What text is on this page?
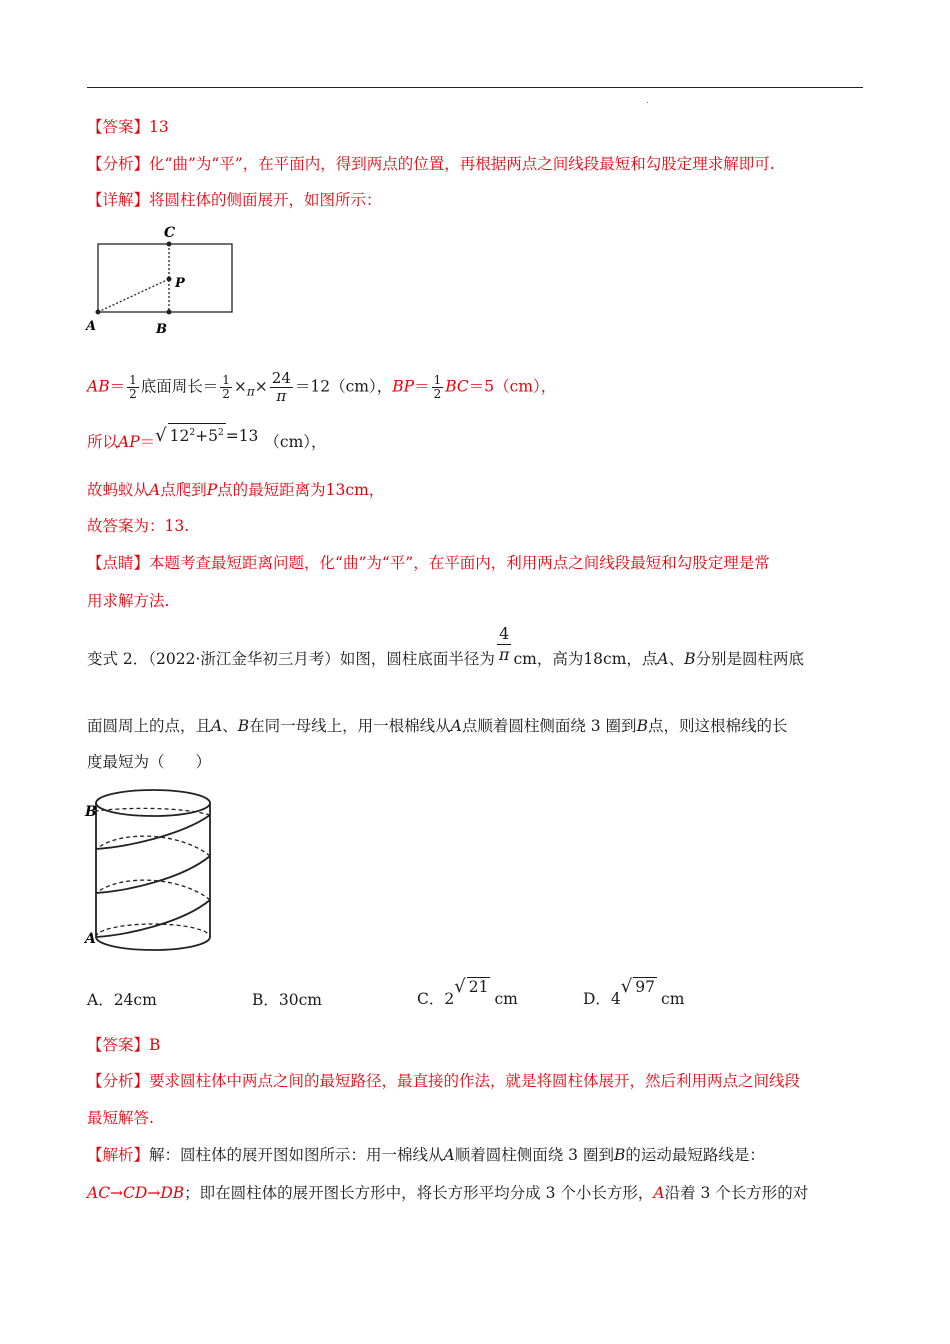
.
【答案】13
【分析】化“曲”为“平”，在平面内，得到两点的位置，再根据两点之间线段最短和勾股定理求解即可.
【详解】将圆柱体的侧面展开，如图所示：
C
P
A	B
$AB= \frac{1}{2}$ 底面周长＝ $\frac{1}{2} \times_\pi\times \frac{24}{\pi} =12(cm)$，$BP= \frac{1}{2} BC=5(cm)$，
所以AP＝√ $12^2+5^2 =13$ （cm），
故蚂蚁从A点爬到P点的最短距离为13cm，
故答案为：13.
【点睛】本题考查最短距离问题，化“曲”为“平”，在平面内，利用两点之间线段最短和勾股定理是常
用求解方法.
变式 2．（2022·浙江金华初三月考）如图，圆柱底面半径为 $\frac{4}{\pi}$ cm，高为18cm，点A、B分别是圆柱两底
面圆周上的点，且A、B在同一母线上，用一根棉线从A点顺着圆柱侧面绕 3 圈到B点，则这根棉线的长
度最短为（　　）
B
A
A．24cm	B．30cm	C．2√ 21cm	D．4√ 97cm
【答案】B
【分析】要求圆柱体中两点之间的最短路径，最直接的作法，就是将圆柱体展开，然后利用两点之间线段
最短解答.
【解析】解：圆柱体的展开图如图所示：用一棉线从A顺着圆柱侧面绕 3 圈到B的运动最短路线是：
AC→CD→DB；即在圆柱体的展开图长方形中，将长方形平均分成 3 个小长方形，A沿着 3 个长方形的对
